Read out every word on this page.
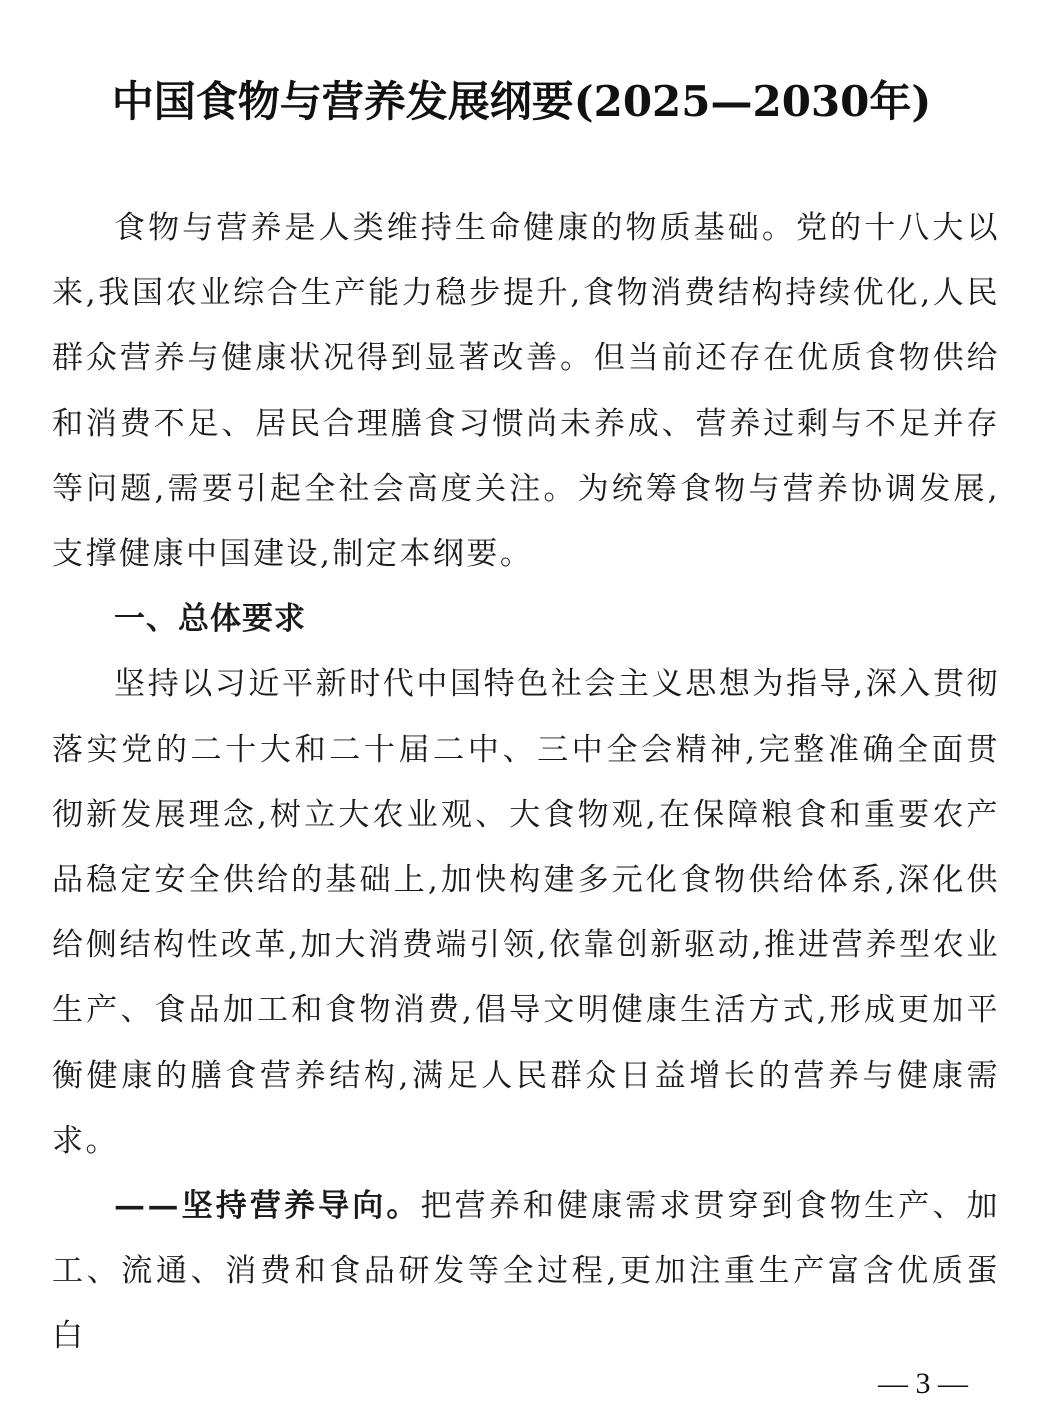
中国食物与营养发展纲要(2025—2030年)

食物与营养是人类维持生命健康的物质基础。党的十八大以来,我国农业综合生产能力稳步提升,食物消费结构持续优化,人民群众营养与健康状况得到显著改善。但当前还存在优质食物供给和消费不足、居民合理膳食习惯尚未养成、营养过剩与不足并存等问题,需要引起全社会高度关注。为统筹食物与营养协调发展,支撑健康中国建设,制定本纲要。

一、总体要求

坚持以习近平新时代中国特色社会主义思想为指导,深入贯彻落实党的二十大和二十届二中、三中全会精神,完整准确全面贯彻新发展理念,树立大农业观、大食物观,在保障粮食和重要农产品稳定安全供给的基础上,加快构建多元化食物供给体系,深化供给侧结构性改革,加大消费端引领,依靠创新驱动,推进营养型农业生产、食品加工和食物消费,倡导文明健康生活方式,形成更加平衡健康的膳食营养结构,满足人民群众日益增长的营养与健康需求。

——坚持营养导向。把营养和健康需求贯穿到食物生产、加工、流通、消费和食品研发等全过程,更加注重生产富含优质蛋白

— 3 —
